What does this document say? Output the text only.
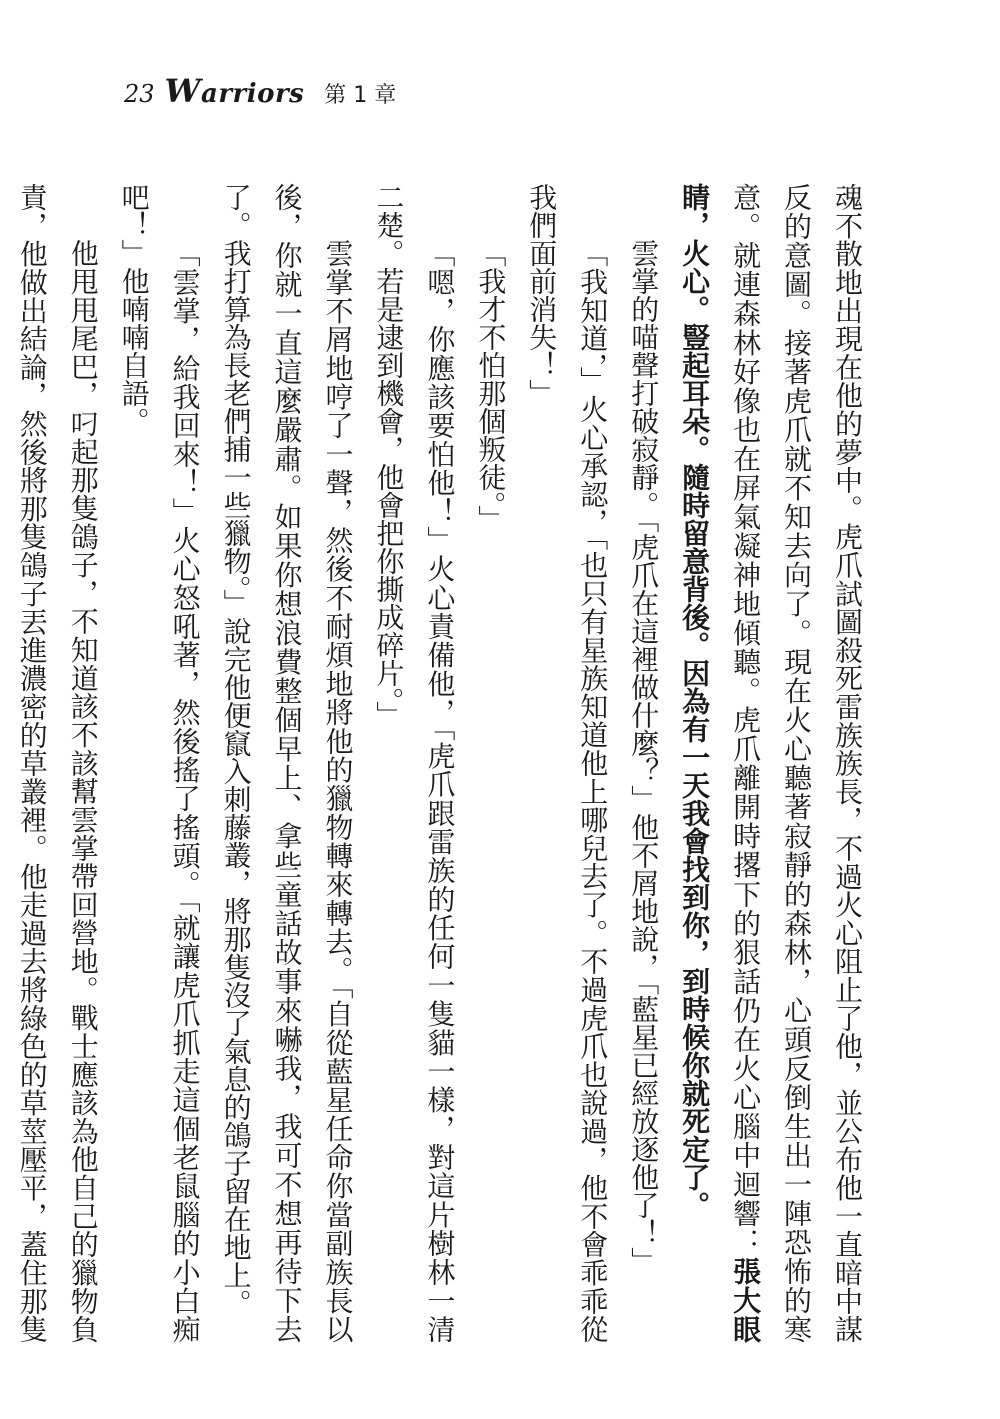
23 Warriors 第 1 章

魂不散地出現在他的夢中。虎爪試圖殺死雷族族長，不過火心阻止了他，並公布他一直暗中謀反的意圖。接著虎爪就不知去向了。現在火心聽著寂靜的森林，心頭反倒生出一陣恐怖的寒意。就連森林好像也在屏氣凝神地傾聽。虎爪離開時撂下的狠話仍在火心腦中迴響：張大眼睛，火心。豎起耳朵。隨時留意背後。因為有一天我會找到你，到時候你就死定了。

雲掌的喵聲打破寂靜。「虎爪在這裡做什麼？」他不屑地說，「藍星已經放逐他了！」

「我知道，」火心承認，「也只有星族知道他上哪兒去了。不過虎爪也說過，他不會乖乖從我們面前消失！」

「我才不怕那個叛徒。」

「嗯，你應該要怕他！」火心責備他，「虎爪跟雷族的任何一隻貓一樣，對這片樹林一清二楚。若是逮到機會，他會把你撕成碎片。」

雲掌不屑地哼了一聲，然後不耐煩地將他的獵物轉來轉去。「自從藍星任命你當副族長以後，你就一直這麼嚴肅。如果你想浪費整個早上、拿些童話故事來嚇我，我可不想再待下去了。我打算為長老們捕一些獵物。」說完他便竄入刺藤叢，將那隻沒了氣息的鴿子留在地上。

「雲掌，給我回來！」火心怒吼著，然後搖了搖頭。「就讓虎爪抓走這個老鼠腦的小白痴吧！」他喃喃自語。

他甩甩尾巴，叼起那隻鴿子，不知道該不該幫雲掌帶回營地。戰士應該為他自己的獵物負責，他做出結論，然後將那隻鴿子丟進濃密的草叢裡。他走過去將綠色的草莖壓平，蓋住那隻
